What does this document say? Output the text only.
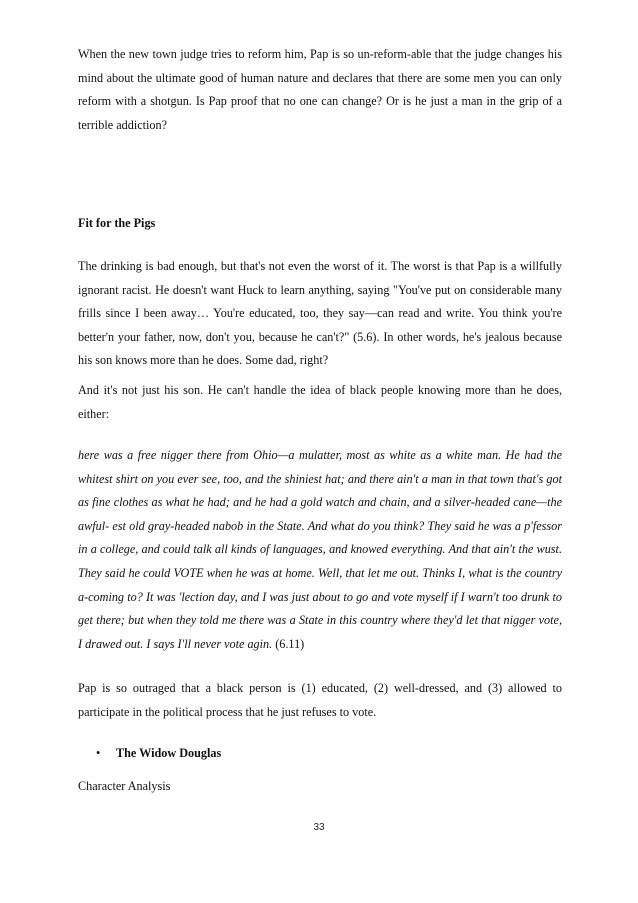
When the new town judge tries to reform him, Pap is so un-reform-able that the judge changes his mind about the ultimate good of human nature and declares that there are some men you can only reform with a shotgun. Is Pap proof that no one can change? Or is he just a man in the grip of a terrible addiction?

Fit for the Pigs

The drinking is bad enough, but that's not even the worst of it. The worst is that Pap is a willfully ignorant racist. He doesn't want Huck to learn anything, saying "You've put on considerable many frills since I been away… You're educated, too, they say—can read and write. You think you're better'n your father, now, don't you, because he can't?" (5.6). In other words, he's jealous because his son knows more than he does. Some dad, right?

And it's not just his son. He can't handle the idea of black people knowing more than he does, either:

here was a free nigger there from Ohio—a mulatter, most as white as a white man. He had the whitest shirt on you ever see, too, and the shiniest hat; and there ain't a man in that town that's got as fine clothes as what he had; and he had a gold watch and chain, and a silver-headed cane—the awful- est old gray-headed nabob in the State. And what do you think? They said he was a p'fessor in a college, and could talk all kinds of languages, and knowed everything. And that ain't the wust. They said he could VOTE when he was at home. Well, that let me out. Thinks I, what is the country a-coming to? It was 'lection day, and I was just about to go and vote myself if I warn't too drunk to get there; but when they told me there was a State in this country where they'd let that nigger vote, I drawed out. I says I'll never vote agin. (6.11)

Pap is so outraged that a black person is (1) educated, (2) well-dressed, and (3) allowed to participate in the political process that he just refuses to vote.

• The Widow Douglas
Character Analysis
33
